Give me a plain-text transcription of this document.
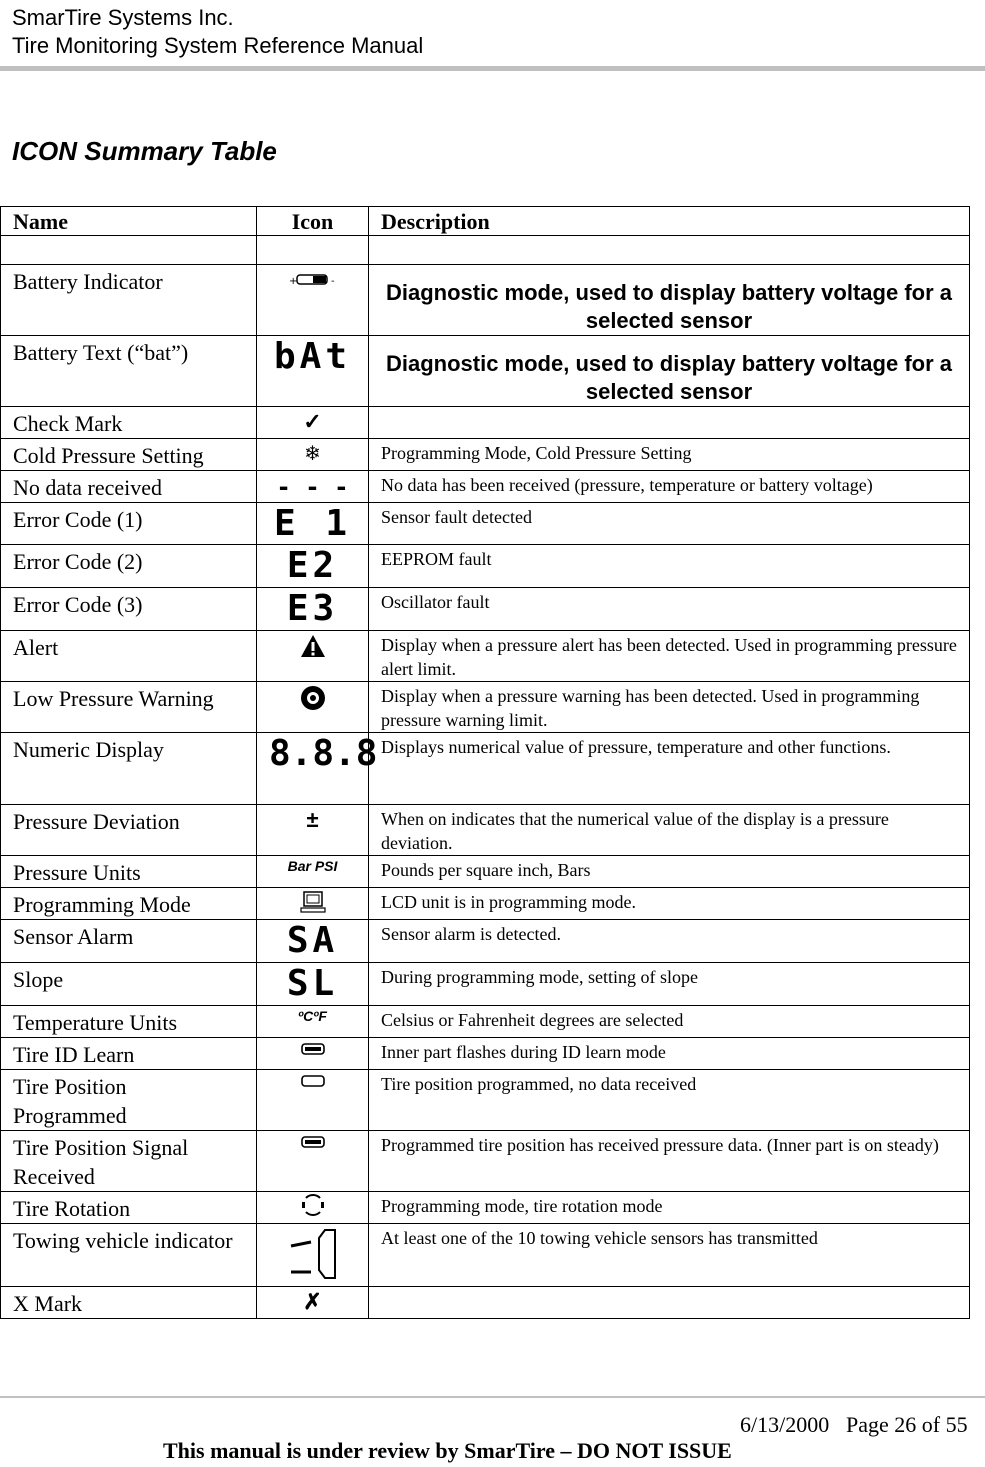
SmarTire Systems Inc.
Tire Monitoring System Reference Manual
ICON Summary Table
Name	Icon	Description

Battery Indicator	+ -	Diagnostic mode, used to display battery voltage for a selected sensor
Battery Text (“bat”)	bAt	Diagnostic mode, used to display battery voltage for a selected sensor
Check Mark	✓	
Cold Pressure Setting	❄	Programming Mode, Cold Pressure Setting
No data received	- - -	No data has been received (pressure, temperature or battery voltage)
Error Code (1)	E 1	Sensor fault detected
Error Code (2)	E2	EEPROM fault
Error Code (3)	E3	Oscillator fault
Alert		Display when a pressure alert has been detected. Used in programming pressure alert limit.
Low Pressure Warning		Display when a pressure warning has been detected. Used in programming pressure warning limit.
Numeric Display	8.8.8	Displays numerical value of pressure, temperature and other functions.
Pressure Deviation	±	When on indicates that the numerical value of the display is a pressure deviation.
Pressure Units	Bar PSI	Pounds per square inch, Bars
Programming Mode		LCD unit is in programming mode.
Sensor Alarm	SA	Sensor alarm is detected.
Slope	SL	During programming mode, setting of slope
Temperature Units	ºCºF	Celsius or Fahrenheit degrees are selected
Tire ID Learn		Inner part flashes during ID learn mode
Tire Position Programmed		Tire position programmed, no data received
Tire Position Signal Received		Programmed tire position has received pressure data. (Inner part is on steady)
Tire Rotation		Programming mode, tire rotation mode
Towing vehicle indicator		At least one of the 10 towing vehicle sensors has transmitted
X Mark	✗	
6/13/2000 Page 26 of 55
This manual is under review by SmarTire – DO NOT ISSUE
